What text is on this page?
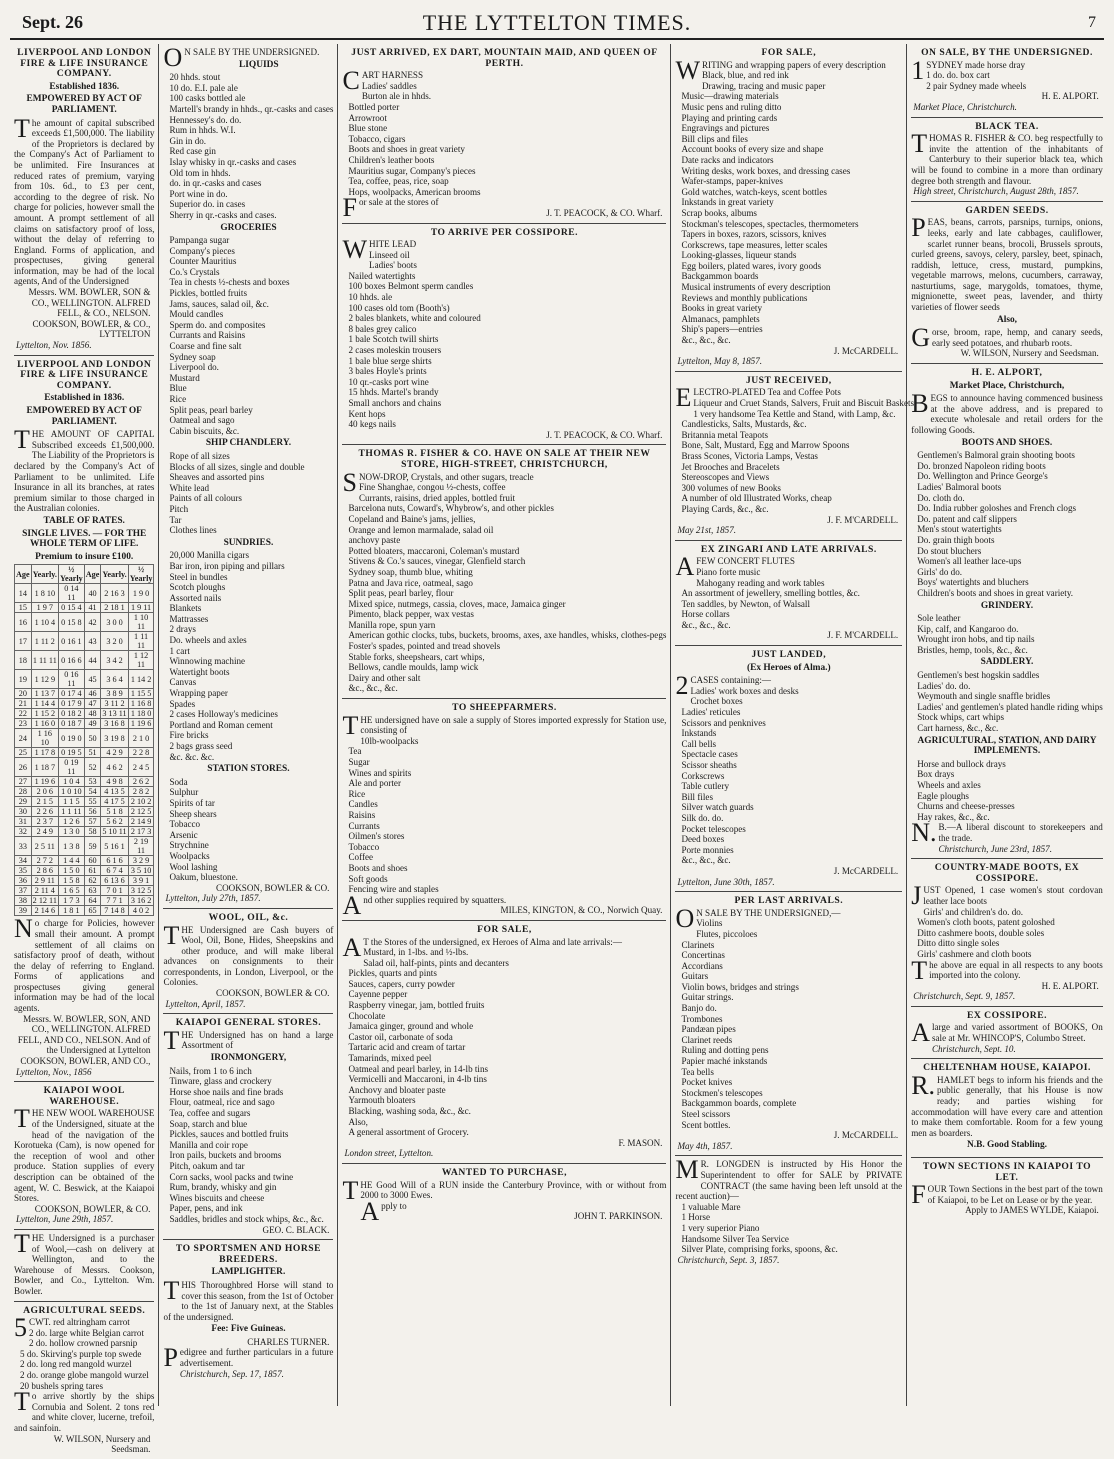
Sept. 26	THE LYTTELTON TIMES.	7
LIVERPOOL AND LONDON FIRE & LIFE INSURANCE COMPANY.
Established 1836.
EMPOWERED BY ACT OF PARLIAMENT.
The amount of capital subscribed exceeds £1,500,000. The liability of the Proprietors is declared by the Company's Act of Parliament to be unlimited. Fire Insurances at reduced rates of premium, varying from 10s. 6d., to £3 per cent, according to the degree of risk. No charge for policies, however small the amount. A prompt settlement of all claims on satisfactory proof of loss, without the delay of referring to England. Forms of application, and prospectuses, giving general information, may be had of the local agents, And of the Undersigned
Messrs. WM. BOWLER, SON & CO., WELLINGTON. ALFRED FELL, & CO., NELSON. COOKSON, BOWLER, & CO., LYTTELTON
Lyttelton, Nov. 1856.
LIVERPOOL AND LONDON FIRE & LIFE INSURANCE COMPANY.
Established in 1836.
EMPOWERED BY ACT OF PARLIAMENT.
THE AMOUNT OF CAPITAL Subscribed exceeds £1,500,000. The Liability of the Proprietors is declared by the Company's Act of Parliament to be unlimited. Life Insurance in all its branches, at rates premium similar to those charged in the Australian colonies.
TABLE OF RATES.
SINGLE LIVES. — FOR THE WHOLE TERM OF LIFE.
Premium to insure £100.
Age	Yearly.	½ Yearly	Age	Yearly.	½ Yearly
14	1 8 10	0 14 11	40	2 16 3	1 9 0
15	1 9 7	0 15 4	41	2 18 1	1 9 11
16	1 10 4	0 15 8	42	3 0 0	1 10 11
17	1 11 2	0 16 1	43	3 2 0	1 11 11
18	1 11 11	0 16 6	44	3 4 2	1 12 11
19	1 12 9	0 16 11	45	3 6 4	1 14 2
20	1 13 7	0 17 4	46	3 8 9	1 15 5
21	1 14 4	0 17 9	47	3 11 2	1 16 8
22	1 15 2	0 18 2	48	3 13 11	1 18 0
23	1 16 0	0 18 7	49	3 16 8	1 19 6
24	1 16 10	0 19 0	50	3 19 8	2 1 0
25	1 17 8	0 19 5	51	4 2 9	2 2 8
26	1 18 7	0 19 11	52	4 6 2	2 4 5
27	1 19 6	1 0 4	53	4 9 8	2 6 2
28	2 0 6	1 0 10	54	4 13 5	2 8 2
29	2 1 5	1 1 5	55	4 17 5	2 10 2
30	2 2 6	1 1 11	56	5 1 8	2 12 5
31	2 3 7	1 2 6	57	5 6 2	2 14 9
32	2 4 9	1 3 0	58	5 10 11	2 17 3
33	2 5 11	1 3 8	59	5 16 1	2 19 11
34	2 7 2	1 4 4	60	6 1 6	3 2 9
35	2 8 6	1 5 0	61	6 7 4	3 5 10
36	2 9 11	1 5 8	62	6 13 6	3 9 1
37	2 11 4	1 6 5	63	7 0 1	3 12 5
38	2 12 11	1 7 3	64	7 7 1	3 16 2
39	2 14 6	1 8 1	65	7 14 8	4 0 2
No charge for Policies, however small their amount. A prompt settlement of all claims on satisfactory proof of death, without the delay of referring to England. Forms of applications and prospectuses giving general information may be had of the local agents.
Messrs. W. BOWLER, SON, AND CO., WELLINGTON. ALFRED FELL, AND CO., NELSON. And of the Undersigned at Lyttelton COOKSON, BOWLER, AND CO.,
Lyttelton, Nov., 1856
KAIAPOI WOOL WAREHOUSE.
THE NEW WOOL WAREHOUSE of the Undersigned, situate at the head of the navigation of the Korotueka (Cam), is now opened for the reception of wool and other produce. Station supplies of every description can be obtained of the agent, W. C. Beswick, at the Kaiapoi Stores.
COOKSON, BOWLER, & CO.
Lyttelton, June 29th, 1857.
THE Undersigned is a purchaser of Wool,—cash on delivery at Wellington, and to the Warehouse of Messrs. Cookson, Bowler, and Co., Lyttelton. Wm. Bowler.
AGRICULTURAL SEEDS.
5CWT. red altringham carrot
2 do. large white Belgian carrot
2 do. hollow crowned parsnip
5 do. Skirving's purple top swede
2 do. long red mangold wurzel
2 do. orange globe mangold wurzel
20 bushels spring tares
To arrive shortly by the ships Cornubia and Solent. 2 tons red and white clover, lucerne, trefoil, and sainfoin.
W. WILSON, Nursery and Seedsman.
ON SALE BY THE UNDERSIGNED.
LIQUIDS
20 hhds. stout
10 do. E.I. pale ale
100 casks bottled ale
Martell's brandy in hhds., qr.-casks and cases
Hennessey's do. do.
Rum in hhds. W.I.
Gin in do.
Red case gin
Islay whisky in qr.-casks and cases
Old tom in hhds.
do. in qr.-casks and cases
Port wine in do.
Superior do. in cases
Sherry in qr.-casks and cases.
GROCERIES
Pampanga sugar
Company's pieces
Counter Mauritius
Co.'s Crystals
Tea in chests ½-chests and boxes
Pickles, bottled fruits
Jams, sauces, salad oil, &c.
Mould candles
Sperm do. and composites
Currants and Raisins
Coarse and fine salt
Sydney soap
Liverpool do.
Mustard
Blue
Rice
Split peas, pearl barley
Oatmeal and sago
Cabin biscuits, &c.
SHIP CHANDLERY.
Rope of all sizes
Blocks of all sizes, single and double
Sheaves and assorted pins
White lead
Paints of all colours
Pitch
Tar
Clothes lines
SUNDRIES.
20,000 Manilla cigars
Bar iron, iron piping and pillars
Steel in bundles
Scotch ploughs
Assorted nails
Blankets
Mattrasses
2 drays
Do. wheels and axles
1 cart
Winnowing machine
Watertight boots
Canvas
Wrapping paper
Spades
2 cases Holloway's medicines
Portland and Roman cement
Fire bricks
2 bags grass seed
&c. &c. &c.
STATION STORES.
Soda
Sulphur
Spirits of tar
Sheep shears
Tobacco
Arsenic
Strychnine
Woolpacks
Wool lashing
Oakum, bluestone.
COOKSON, BOWLER & CO.
Lyttelton, July 27th, 1857.
WOOL, OIL, &c.
THE Undersigned are Cash buyers of Wool, Oil, Bone, Hides, Sheepskins and other produce, and will make liberal advances on consignments to their correspondents, in London, Liverpool, or the Colonies.
COOKSON, BOWLER & CO.
Lyttelton, April, 1857.
KAIAPOI GENERAL STORES.
THE Undersigned has on hand a large Assortment of
IRONMONGERY,
Nails, from 1 to 6 inch
Tinware, glass and crockery
Horse shoe nails and fine brads
Flour, oatmeal, rice and sago
Tea, coffee and sugars
Soap, starch and blue
Pickles, sauces and bottled fruits
Manilla and coir rope
Iron pails, buckets and brooms
Pitch, oakum and tar
Corn sacks, wool packs and twine
Rum, brandy, whisky and gin
Wines biscuits and cheese
Paper, pens, and ink
Saddles, bridles and stock whips, &c., &c.
GEO. C. BLACK.
TO SPORTSMEN AND HORSE BREEDERS.
LAMPLIGHTER.
THIS Thoroughbred Horse will stand to cover this season, from the 1st of October to the 1st of January next, at the Stables of the undersigned.
Fee: Five Guineas.
CHARLES TURNER.
Pedigree and further particulars in a future advertisement.
Christchurch, Sep. 17, 1857.
JUST ARRIVED, EX DART, MOUNTAIN MAID, AND QUEEN OF PERTH.
CART HARNESS
Ladies' saddles
Burton ale in hhds.
Bottled porter
Arrowroot
Blue stone
Tobacco, cigars
Boots and shoes in great variety
Children's leather boots
Mauritius sugar, Company's pieces
Tea, coffee, peas, rice, soap
Hops, woolpacks, American brooms
For sale at the stores of
J. T. PEACOCK, & CO. Wharf.
TO ARRIVE PER COSSIPORE.
WHITE LEAD
Linseed oil
Ladies' boots
Nailed watertights
100 boxes Belmont sperm candles
10 hhds. ale
100 cases old tom (Booth's)
2 bales blankets, white and coloured
8 bales grey calico
1 bale Scotch twill shirts
2 cases moleskin trousers
1 bale blue serge shirts
3 bales Hoyle's prints
10 qr.-casks port wine
15 hhds. Martel's brandy
Small anchors and chains
Kent hops
40 kegs nails
J. T. PEACOCK, & CO. Wharf.
THOMAS R. FISHER & CO. HAVE ON SALE AT THEIR NEW STORE, HIGH-STREET, CHRISTCHURCH,
SNOW-DROP, Crystals, and other sugars, treacle
Fine Shanghae, congou ½-chests, coffee
Currants, raisins, dried apples, bottled fruit
Barcelona nuts, Coward's, Whybrow's, and other pickles
Copeland and Baine's jams, jellies,
Orange and lemon marmalade, salad oil
anchovy paste
Potted bloaters, maccaroni, Coleman's mustard
Stivens & Co.'s sauces, vinegar, Glenfield starch
Sydney soap, thumb blue, whiting
Patna and Java rice, oatmeal, sago
Split peas, pearl barley, flour
Mixed spice, nutmegs, cassia, cloves, mace, Jamaica ginger
Pimento, black pepper, wax vestas
Manilla rope, spun yarn
American gothic clocks, tubs, buckets, brooms, axes, axe handles, whisks, clothes-pegs
Foster's spades, pointed and tread shovels
Stable forks, sheepshears, cart whips,
Bellows, candle moulds, lamp wick
Dairy and other salt
&c., &c., &c.
TO SHEEPFARMERS.
THE undersigned have on sale a supply of Stores imported expressly for Station use, consisting of
10lb-woolpacks
Tea
Sugar
Wines and spirits
Ale and porter
Rice
Candles
Raisins
Currants
Oilmen's stores
Tobacco
Coffee
Boots and shoes
Soft goods
Fencing wire and staples
And other supplies required by squatters.
MILES, KINGTON, & CO., Norwich Quay.
FOR SALE,
AT the Stores of the undersigned, ex Heroes of Alma and late arrivals:—
Mustard, in 1-lbs. and ½-lbs.
Salad oil, half-pints, pints and decanters
Pickles, quarts and pints
Sauces, capers, curry powder
Cayenne pepper
Raspberry vinegar, jam, bottled fruits
Chocolate
Jamaica ginger, ground and whole
Castor oil, carbonate of soda
Tartaric acid and cream of tartar
Tamarinds, mixed peel
Oatmeal and pearl barley, in 14-lb tins
Vermicelli and Maccaroni, in 4-lb tins
Anchovy and bloater paste
Yarmouth bloaters
Blacking, washing soda, &c., &c.
Also,
A general assortment of Grocery.
F. MASON.
London street, Lyttelton.
WANTED TO PURCHASE,
THE Good Will of a RUN inside the Canterbury Province, with or without from 2000 to 3000 Ewes.
Apply to
JOHN T. PARKINSON.
FOR SALE,
WRITING and wrapping papers of every description
Black, blue, and red ink
Drawing, tracing and music paper
Music—drawing materials
Music pens and ruling ditto
Playing and printing cards
Engravings and pictures
Bill clips and files
Account books of every size and shape
Date racks and indicators
Writing desks, work boxes, and dressing cases
Wafer-stamps, paper-knives
Gold watches, watch-keys, scent bottles
Inkstands in great variety
Scrap books, albums
Stockman's telescopes, spectacles, thermometers
Tapers in boxes, razors, scissors, knives
Corkscrews, tape measures, letter scales
Looking-glasses, liqueur stands
Egg boilers, plated wares, ivory goods
Backgammon boards
Musical instruments of every description
Reviews and monthly publications
Books in great variety
Almanacs, pamphlets
Ship's papers—entries
&c., &c., &c.
J. McCARDELL.
Lyttelton, May 8, 1857.
JUST RECEIVED,
ELECTRO-PLATED Tea and Coffee Pots
Liqueur and Cruet Stands, Salvers, Fruit and Biscuit Baskets
1 very handsome Tea Kettle and Stand, with Lamp, &c.
Candlesticks, Salts, Mustards, &c.
Britannia metal Teapots
Bone, Salt, Mustard, Egg and Marrow Spoons
Brass Scones, Victoria Lamps, Vestas
Jet Brooches and Bracelets
Stereoscopes and Views
300 volumes of new Books
A number of old Illustrated Works, cheap
Playing Cards, &c., &c.
J. F. M'CARDELL.
May 21st, 1857.
EX ZINGARI AND LATE ARRIVALS.
AFEW CONCERT FLUTES
Piano forte music
Mahogany reading and work tables
An assortment of jewellery, smelling bottles, &c.
Ten saddles, by Newton, of Walsall
Horse collars
&c., &c., &c.
J. F. M'CARDELL.
JUST LANDED,
(Ex Heroes of Alma.)
2CASES containing:—
Ladies' work boxes and desks
Crochet boxes
Ladies' reticules
Scissors and penknives
Inkstands
Call bells
Spectacle cases
Scissor sheaths
Corkscrews
Table cutlery
Bill files
Silver watch guards
Silk do. do.
Pocket telescopes
Deed boxes
Porte monnies
&c., &c., &c.
J. McCARDELL.
Lyttelton, June 30th, 1857.
PER LAST ARRIVALS.
ON SALE BY THE UNDERSIGNED,—
Violins
Flutes, piccoloes
Clarinets
Concertinas
Accordians
Guitars
Violin bows, bridges and strings
Guitar strings.
Banjo do.
Trombones
Pandæan pipes
Clarinet reeds
Ruling and dotting pens
Papier maché inkstands
Tea bells
Pocket knives
Stockmen's telescopes
Backgammon boards, complete
Steel scissors
Scent bottles.
J. McCARDELL.
May 4th, 1857.
MR. LONGDEN is instructed by His Honor the Superintendent to offer for SALE by PRIVATE CONTRACT (the same having been left unsold at the recent auction)—
1 valuable Mare
1 Horse
1 very superior Piano
Handsome Silver Tea Service
Silver Plate, comprising forks, spoons, &c.
Christchurch, Sept. 3, 1857.
ON SALE, BY THE UNDERSIGNED.
1SYDNEY made horse dray
1 do. do. box cart
2 pair Sydney made wheels
H. E. ALPORT.
Market Place, Christchurch.
BLACK TEA.
THOMAS R. FISHER & CO. beg respectfully to invite the attention of the inhabitants of Canterbury to their superior black tea, which will be found to combine in a more than ordinary degree both strength and flavour.
High street, Christchurch, August 28th, 1857.
GARDEN SEEDS.
PEAS, beans, carrots, parsnips, turnips, onions, leeks, early and late cabbages, cauliflower, scarlet runner beans, brocoli, Brussels sprouts, curled greens, savoys, celery, parsley, beet, spinach, raddish, lettuce, cress, mustard, pumpkins, vegetable marrows, melons, cucumbers, carraway, nasturtiums, sage, marygolds, tomatoes, thyme, mignionette, sweet peas, lavender, and thirty varieties of flower seeds
Also,
Gorse, broom, rape, hemp, and canary seeds, early seed potatoes, and rhubarb roots.
W. WILSON, Nursery and Seedsman.
H. E. ALPORT,
Market Place, Christchurch,
BEGS to announce having commenced business at the above address, and is prepared to execute wholesale and retail orders for the following Goods.
BOOTS AND SHOES.
Gentlemen's Balmoral grain shooting boots
Do. bronzed Napoleon riding boots
Do. Wellington and Prince George's
Ladies' Balmoral boots
Do. cloth do.
Do. India rubber goloshes and French clogs
Do. patent and calf slippers
Men's stout watertights
Do. grain thigh boots
Do stout bluchers
Women's all leather lace-ups
Girls' do do.
Boys' watertights and bluchers
Children's boots and shoes in great variety.
GRINDERY.
Sole leather
Kip, calf, and Kangaroo do.
Wrought iron hobs, and tip nails
Bristles, hemp, tools, &c., &c.
SADDLERY.
Gentlemen's best hogskin saddles
Ladies' do. do.
Weymouth and single snaffle bridles
Ladies' and gentlemen's plated handle riding whips
Stock whips, cart whips
Cart harness, &c., &c.
AGRICULTURAL, STATION, AND DAIRY IMPLEMENTS.
Horse and bullock drays
Box drays
Wheels and axles
Eagle ploughs
Churns and cheese-presses
Hay rakes, &c., &c.
N.B.—A liberal discount to storekeepers and the trade.
Christchurch, June 23rd, 1857.
COUNTRY-MADE BOOTS, EX COSSIPORE.
JUST Opened, 1 case women's stout cordovan leather lace boots
Girls' and children's do. do.
Women's cloth boots, patent goloshed
Ditto cashmere boots, double soles
Ditto ditto single soles
Girls' cashmere and cloth boots
The above are equal in all respects to any boots imported into the colony.
H. E. ALPORT.
Christchurch, Sept. 9, 1857.
EX COSSIPORE.
Alarge and varied assortment of BOOKS, On sale at Mr. WHINCOP'S, Columbo Street.
Christchurch, Sept. 10.
CHELTENHAM HOUSE, KAIAPOI.
R.HAMLET begs to inform his friends and the public generally, that his House is now ready; and parties wishing for accommodation will have every care and attention to make them comfortable. Room for a few young men as boarders.
N.B. Good Stabling.
TOWN SECTIONS IN KAIAPOI TO LET.
FOUR Town Sections in the best part of the town of Kaiapoi, to be Let on Lease or by the year.
Apply to JAMES WYLDE, Kaiapoi.
